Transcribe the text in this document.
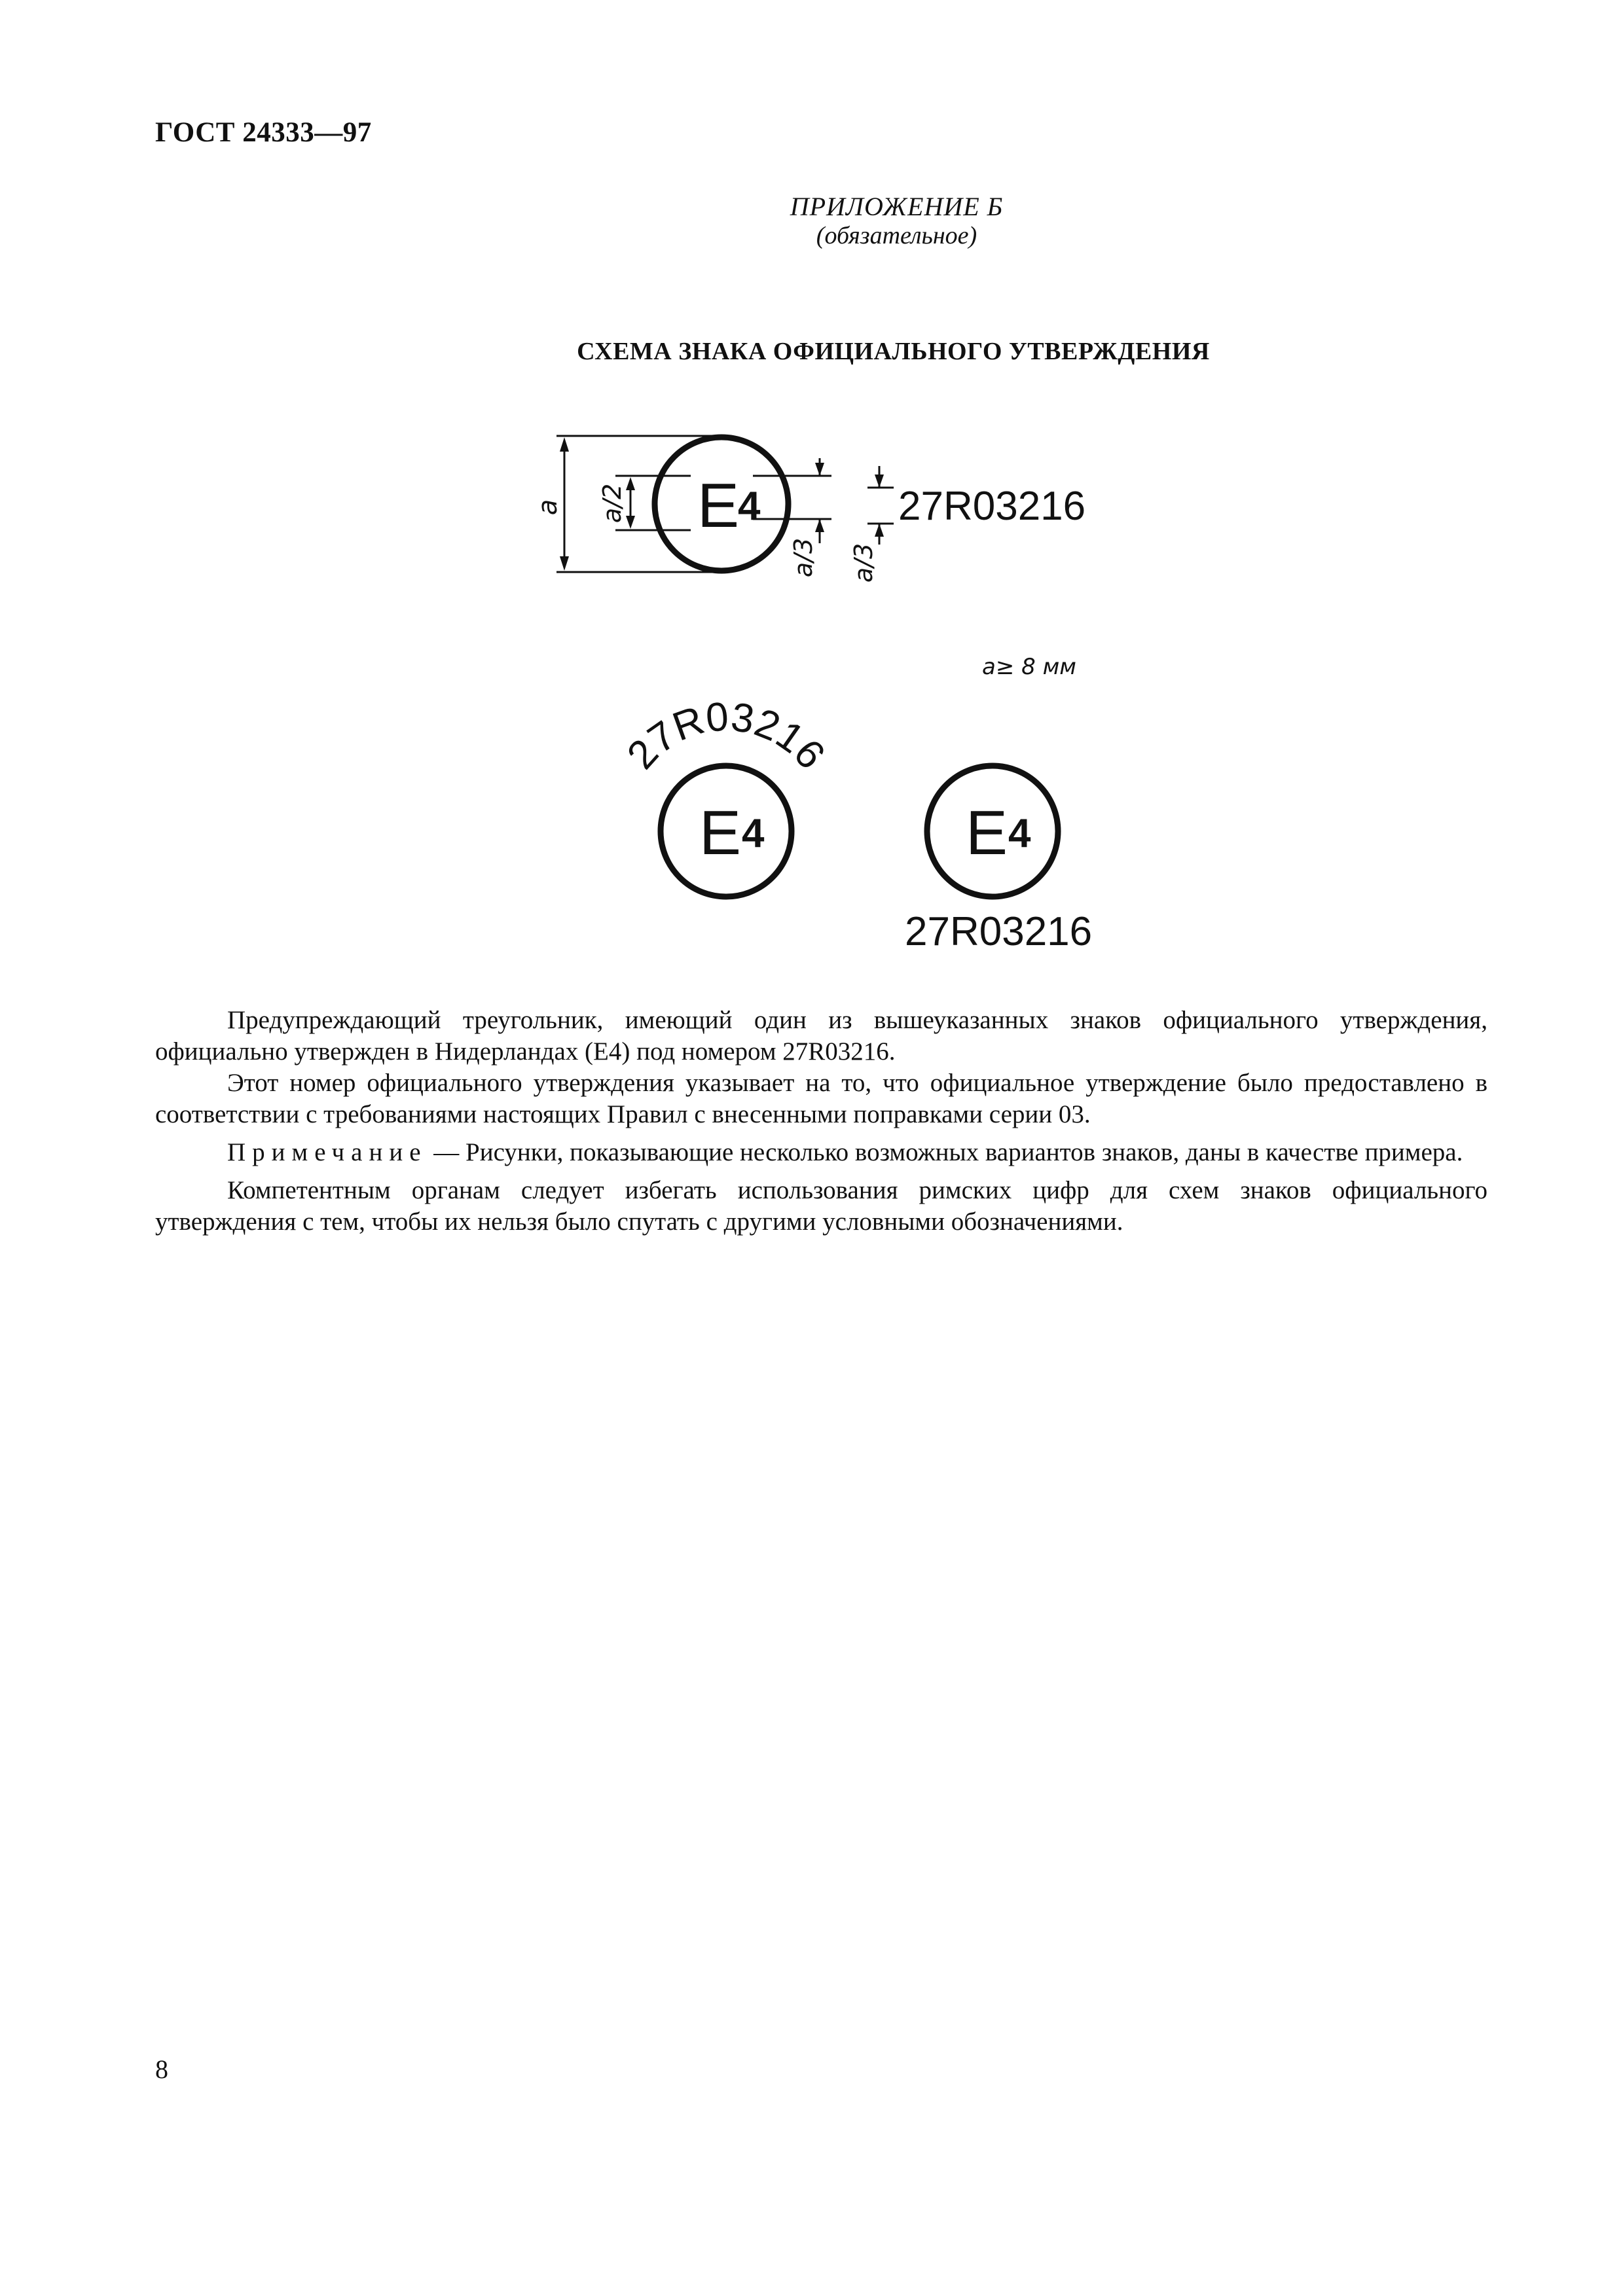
ГОСТ 24333—97
ПРИЛОЖЕНИЕ Б
(обязательное)
СХЕМА ЗНАКА ОФИЦИАЛЬНОГО УТВЕРЖДЕНИЯ
E
4	27R03216
a a/2
a/3 a/3
a≥ 8 мм
E 4
27R03216
E 4
27R03216

Предупреждающий треугольник, имеющий один из вышеуказанных знаков официального утверждения, официально утвержден в Нидерландах (Е4) под номером 27R03216.

Этот номер официального утверждения указывает на то, что официальное утверждение было предоставлено в соответствии с требованиями настоящих Правил с внесенными поправками серии 03.

Примечание — Рисунки, показывающие несколько возможных вариантов знаков, даны в качестве примера.

Компетентным органам следует избегать использования римских цифр для схем знаков официального утверждения с тем, чтобы их нельзя было спутать с другими условными обозначениями.

8
